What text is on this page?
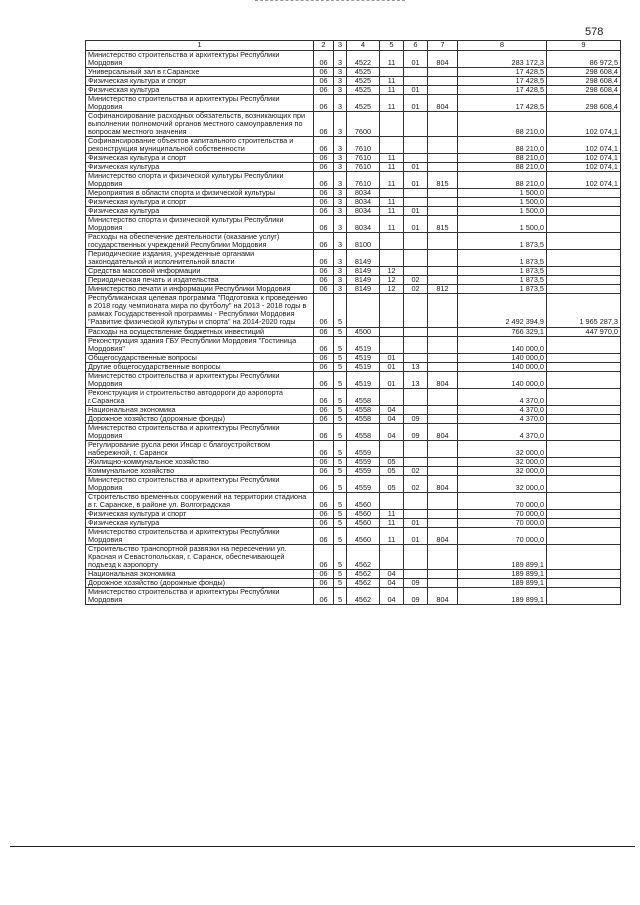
578
1	2	3	4	5	6	7	8	9
Министерство строительства и архитектуры Республики Мордовия	06	3	4522	11	01	804	283 172,3	86 972,5
Универсальный зал в г.Саранске	06	3	4525				17 428,5	298 608,4
Физическая культура и спорт	06	3	4525	11			17 428,5	298 608,4
Физическая культура	06	3	4525	11	01		17 428,5	298 608,4
Министерство строительства и архитектуры Республики Мордовия	06	3	4525	11	01	804	17 428,5	298 608,4
Софинансирование расходных обязательств, возникающих при выполнении полномочий органов местного самоуправления по вопросам местного значения	06	3	7600				88 210,0	102 074,1
Софинансирование объектов капитального строительства и реконструкция муниципальной собственности	06	3	7610				88 210,0	102 074,1
Физическая культура и спорт	06	3	7610	11			88 210,0	102 074,1
Физическая культура	06	3	7610	11	01		88 210,0	102 074,1
Министерство спорта и физической культуры Республики Мордовия	06	3	7610	11	01	815	88 210,0	102 074,1
Мероприятия в области спорта и физической культуры	06	3	8034				1 500,0	
Физическая культура и спорт	06	3	8034	11			1 500,0	
Физическая культура	06	3	8034	11	01		1 500,0	
Министерство спорта и физической культуры Республики Мордовия	06	3	8034	11	01	815	1 500,0	
Расходы на обеспечение деятельности (оказание услуг) государственных учреждений Республики Мордовия	06	3	8100				1 873,5	
Периодические издания, учрежденные органами законодательной и исполнительной власти	06	3	8149				1 873,5	
Средства массовой информации	06	3	8149	12			1 873,5	
Периодическая печать и издательства	06	3	8149	12	02		1 873,5	
Министерство печати и информации Республики Мордовия	06	3	8149	12	02	812	1 873,5	
Республиканская целевая программа "Подготовка к проведению в 2018 году чемпионата мира по футболу" на 2013 - 2018 годы в рамках Государственной программы - Республики Мордовия "Развитие физической культуры и спорта" на 2014-2020 годы	06	5					2 492 394,9	1 965 287,3
Расходы на осуществление бюджетных инвестиций	06	5	4500				766 329,1	447 970,0
Реконструкция здания ГБУ Республики Мордовия "Гостиница Мордовия"	06	5	4519				140 000,0	
Общегосударственные вопросы	06	5	4519	01			140 000,0	
Другие общегосударственные вопросы	06	5	4519	01	13		140 000,0	
Министерство строительства и архитектуры Республики Мордовия	06	5	4519	01	13	804	140 000,0	
Реконструкция и строительство автодороги до аэропорта г.Саранска	06	5	4558				4 370,0	
Национальная экономика	06	5	4558	04			4 370,0	
Дорожное хозяйство (дорожные фонды)	06	5	4558	04	09		4 370,0	
Министерство строительства и архитектуры Республики Мордовия	06	5	4558	04	09	804	4 370,0	
Регулирование русла реки Инсар с благоустройством набережной, г. Саранск	06	5	4559				32 000,0	
Жилищно-коммунальное хозяйство	06	5	4559	05			32 000,0	
Коммунальное хозяйство	06	5	4559	05	02		32 000,0	
Министерство строительства и архитектуры Республики Мордовия	06	5	4559	05	02	804	32 000,0	
Строительство временных сооружений на территории стадиона в г. Саранске, в районе ул. Волгоградская	06	5	4560				70 000,0	
Физическая культура и спорт	06	5	4560	11			70 000,0	
Физическая культура	06	5	4560	11	01		70 000,0	
Министерство строительства и архитектуры Республики Мордовия	06	5	4560	11	01	804	70 000,0	
Строительство транспортной развязки на пересечении ул. Красная и Севастопольская, г. Саранск, обеспечивающей подъезд к аэропорту	06	5	4562				189 899,1	
Национальная экономика	06	5	4562	04			189 899,1	
Дорожное хозяйство (дорожные фонды)	06	5	4562	04	09		189 899,1	
Министерство строительства и архитектуры Республики Мордовия	06	5	4562	04	09	804	189 899,1	
